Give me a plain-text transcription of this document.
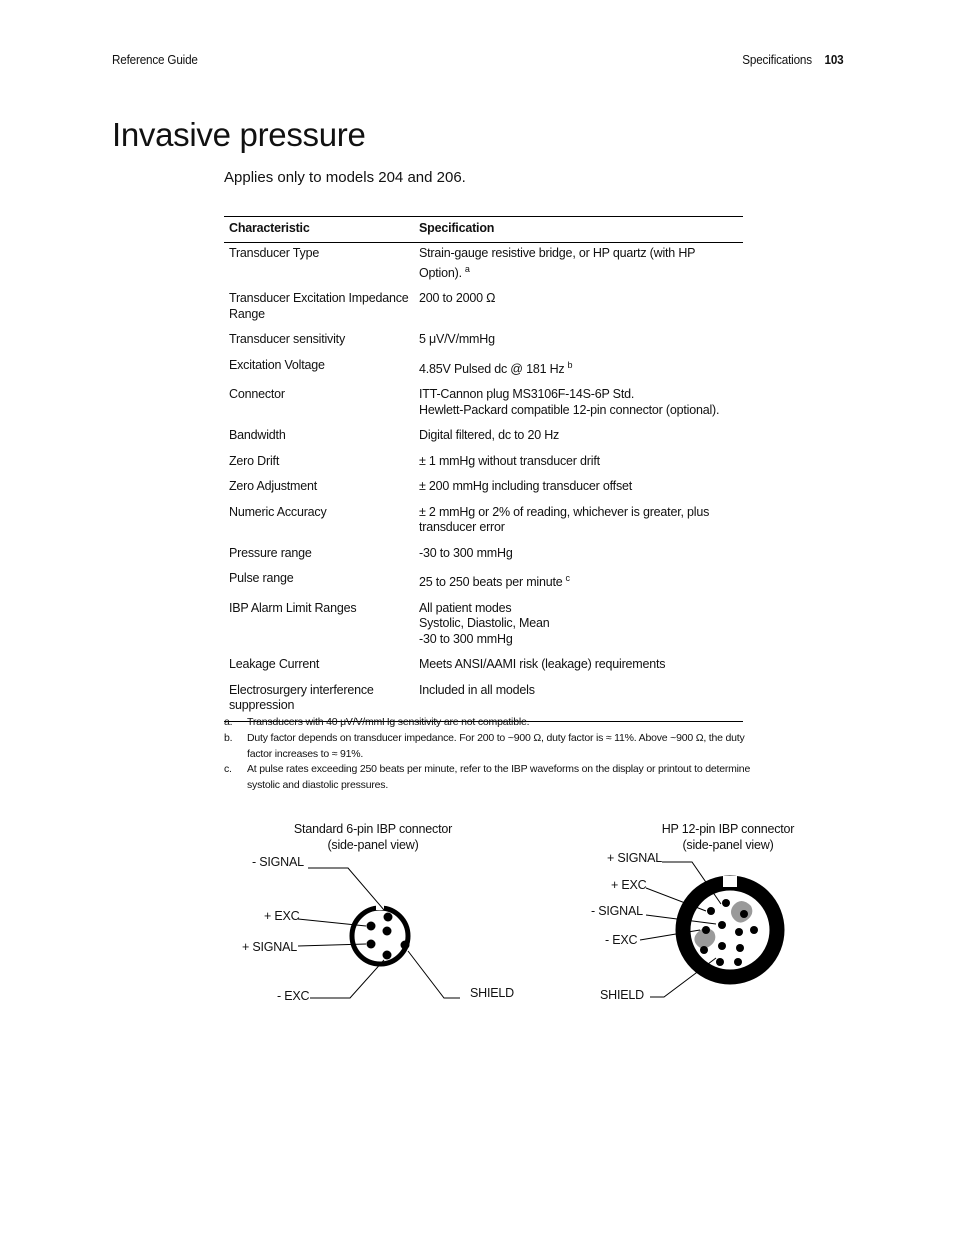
Reference Guide	Specifications 103
Invasive pressure
Applies only to models 204 and 206.
Characteristic	Specification
Transducer Type	Strain-gauge resistive bridge, or HP quartz (with HP Option). $^a$

Transducer Excitation Impedance Range	200 to 2000 Ω

Transducer sensitivity	5 μV/V/mmHg

Excitation Voltage	4.85V Pulsed dc @ 181 Hz $^b$

Connector	ITT-Cannon plug MS3106F-14S-6P Std.
Hewlett-Packard compatible 12-pin connector (optional).

Bandwidth	Digital filtered, dc to 20 Hz

Zero Drift	± 1 mmHg without transducer drift

Zero Adjustment	± 200 mmHg including transducer offset

Numeric Accuracy	± 2 mmHg or 2% of reading, whichever is greater, plus transducer error

Pressure range	-30 to 300 mmHg

Pulse range	25 to 250 beats per minute $^c$

IBP Alarm Limit Ranges	All patient modes
Systolic, Diastolic, Mean
-30 to 300 mmHg

Leakage Current	Meets ANSI/AAMI risk (leakage) requirements

Electrosurgery interference suppression	Included in all models
a.	Transducers with 40 μV/V/mmHg sensitivity are not compatible.
b.	Duty factor depends on transducer impedance. For 200 to ~900 Ω, duty factor is ≈ 11%. Above ~900 Ω, the duty factor increases to ≈ 91%.
c.	At pulse rates exceeding 250 beats per minute, refer to the IBP waveforms on the display or printout to determine systolic and diastolic pressures.
Standard 6-pin IBP connector
(side-panel view)
- SIGNAL
+ EXC
+ SIGNAL
- EXC	SHIELD
HP 12-pin IBP connector
(side-panel view)
+ SIGNAL
+ EXC
- SIGNAL
- EXC
SHIELD
